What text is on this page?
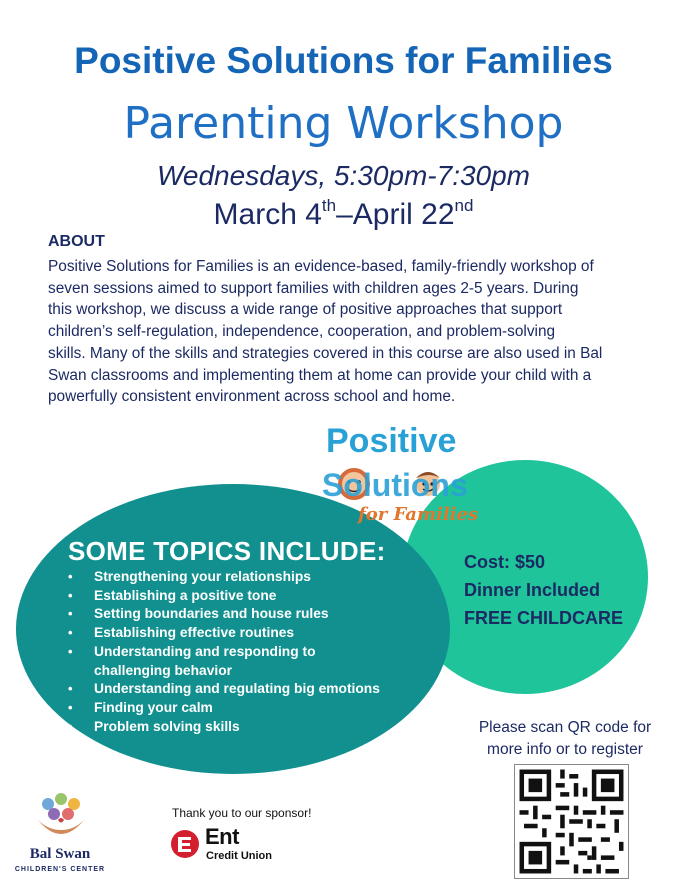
Positive Solutions for Families
Parenting Workshop
Wednesdays, 5:30pm-7:30pm
March 4th–April 22nd
ABOUT
Positive Solutions for Families is an evidence-based, family-friendly workshop of
seven sessions aimed to support families with children ages 2-5 years. During
this workshop, we discuss a wide range of positive approaches that support
children’s self-regulation, independence, cooperation, and problem-solving
skills. Many of the skills and strategies covered in this course are also used in Bal
Swan classrooms and implementing them at home can provide your child with a
powerfully consistent environment across school and home.
Positive
Solutions
for Families
SOME TOPICS INCLUDE:
• Strengthening your relationships
• Establishing a positive tone
• Setting boundaries and house rules
• Establishing effective routines
• Understanding and responding to
challenging behavior
• Understanding and regulating big emotions
• Finding your calm
• Problem solving skills
Cost: $50
Dinner Included
FREE CHILDCARE
Please scan QR code for
more info or to register
Thank you to our sponsor!
Ent
Credit Union
Bal Swan
CHILDREN'S CENTER
